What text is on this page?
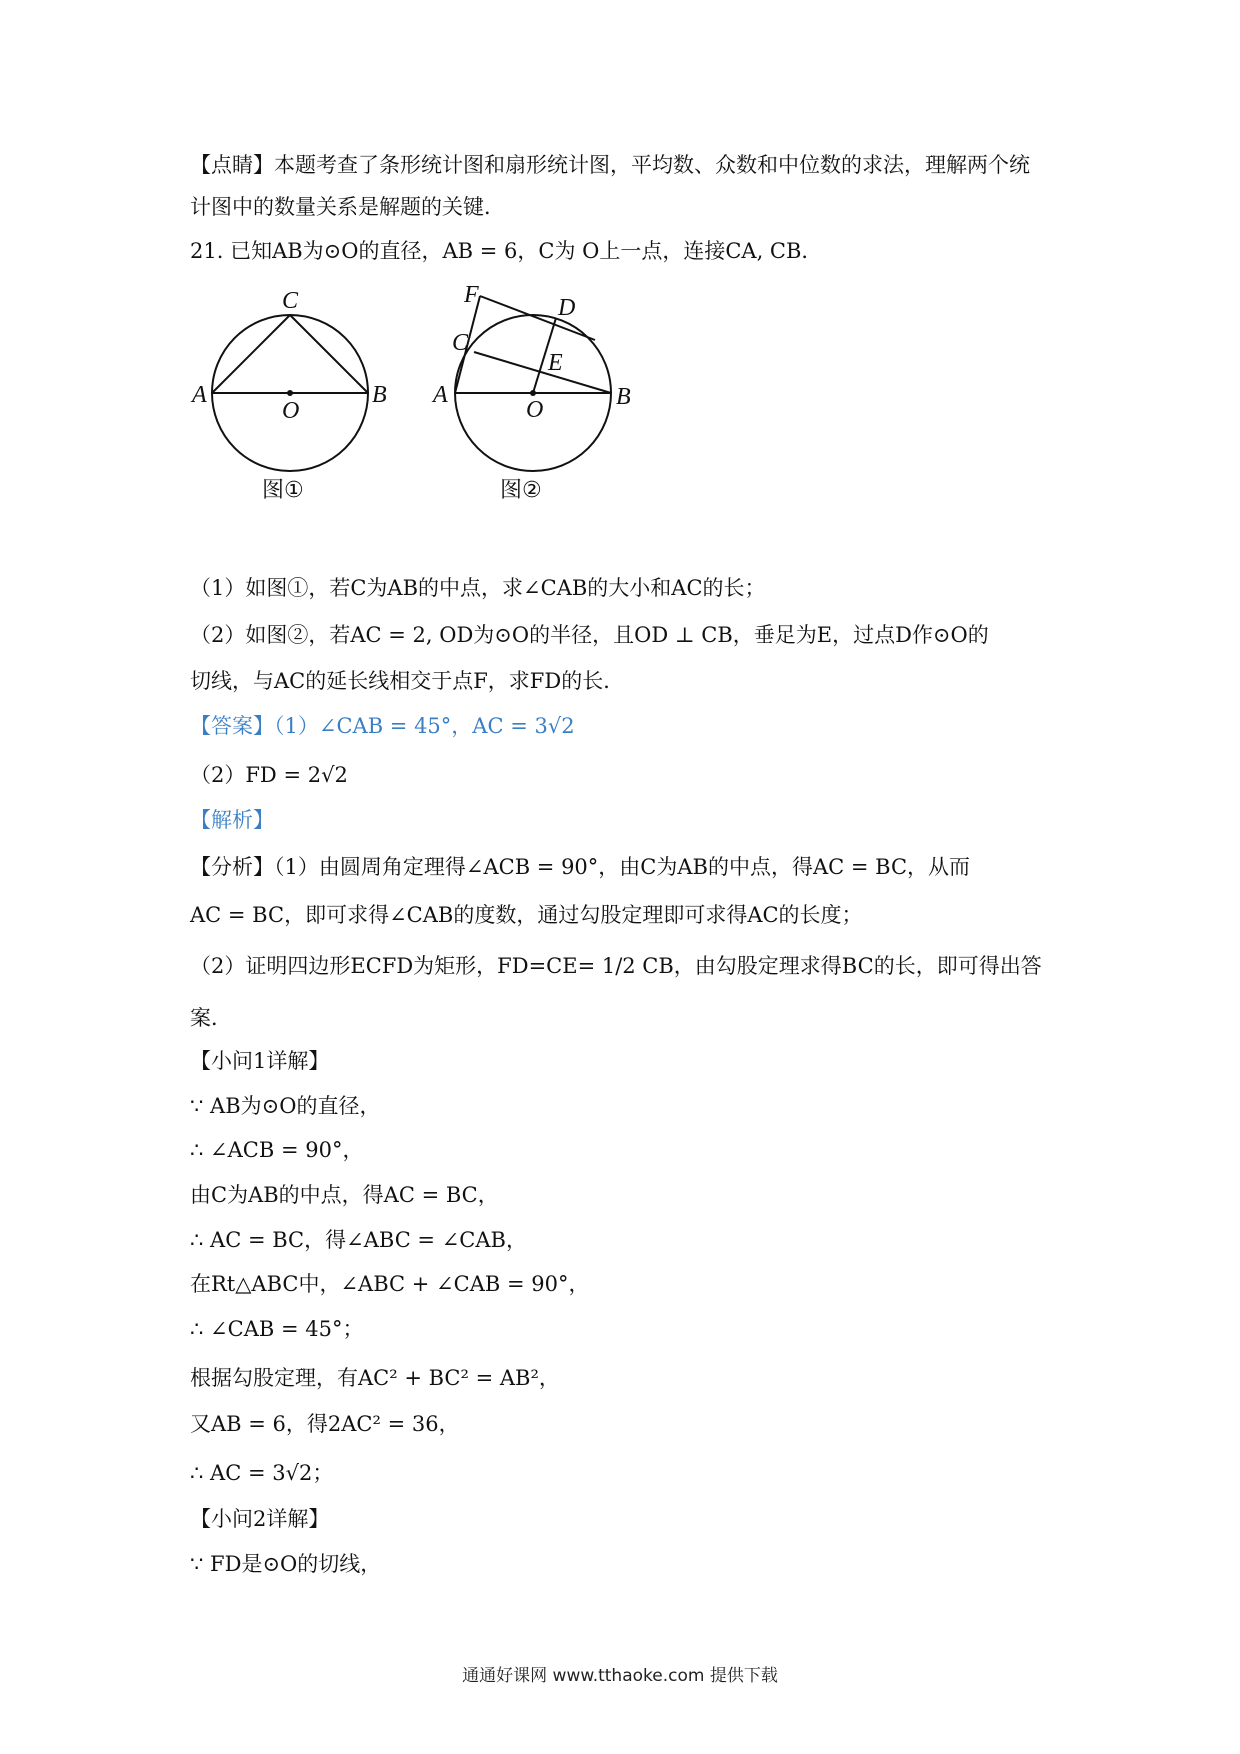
【点睛】本题考查了条形统计图和扇形统计图，平均数、众数和中位数的求法，理解两个统
计图中的数量关系是解题的关键．
21. 已知AB为⊙O的直径，AB = 6，C为 O上一点，连接CA, CB．
A	B
C
O
图①
A	B
C
D
E
F
O
图②
（1）如图①，若C为AB的中点，求∠CAB的大小和AC的长；
（2）如图②，若AC = 2, OD为⊙O的半径，且OD ⊥ CB，垂足为E，过点D作⊙O的
切线，与AC的延长线相交于点F，求FD的长．
【答案】（1）∠CAB = 45°，AC = 3√2
（2）FD = 2√2
【解析】
【分析】（1）由圆周角定理得∠ACB = 90°，由C为AB的中点，得AC = BC，从而
AC = BC，即可求得∠CAB的度数，通过勾股定理即可求得AC的长度；
（2）证明四边形ECFD为矩形，FD=CE= 1/2 CB，由勾股定理求得BC的长，即可得出答
案．
【小问1详解】
∵ AB为⊙O的直径，
∴ ∠ACB = 90°，
由C为AB的中点，得AC = BC，
∴ AC = BC，得∠ABC = ∠CAB，
在Rt△ABC中，∠ABC + ∠CAB = 90°，
∴ ∠CAB = 45°；
根据勾股定理，有AC² + BC² = AB²，
又AB = 6，得2AC² = 36，
∴ AC = 3√2；
【小问2详解】
∵ FD是⊙O的切线，
通通好课网 www.tthaoke.com 提供下载
